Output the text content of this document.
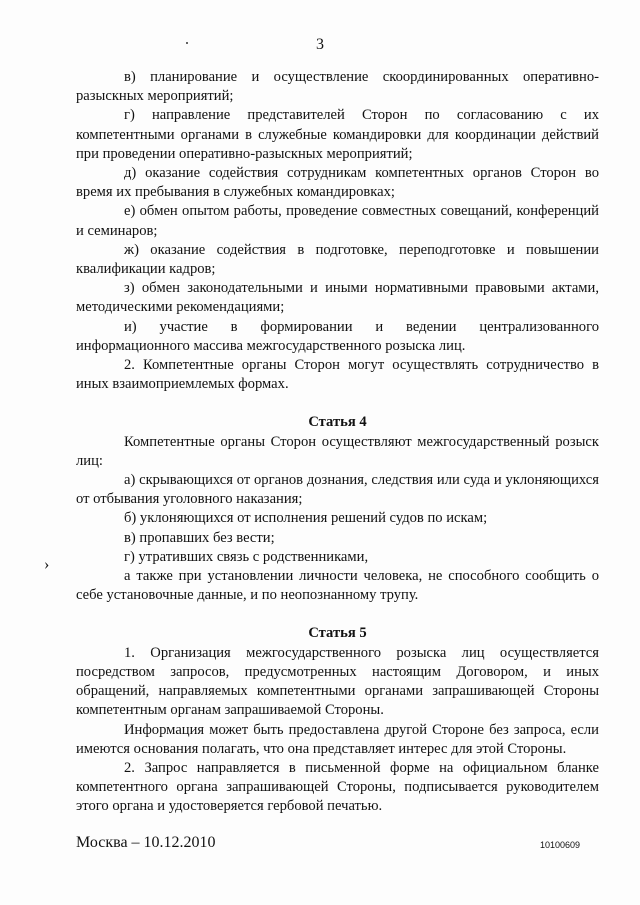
3

в) планирование и осуществление скоординированных оперативно-разыскных мероприятий;

г) направление представителей Сторон по согласованию с их компетентными органами в служебные командировки для координации действий при проведении оперативно-разыскных мероприятий;

д) оказание содействия сотрудникам компетентных органов Сторон во время их пребывания в служебных командировках;

е) обмен опытом работы, проведение совместных совещаний, конференций и семинаров;

ж) оказание содействия в подготовке, переподготовке и повышении квалификации кадров;

з) обмен законодательными и иными нормативными правовыми актами, методическими рекомендациями;

и) участие в формировании и ведении централизованного информационного массива межгосударственного розыска лиц.

2. Компетентные органы Сторон могут осуществлять сотрудничество в иных взаимоприемлемых формах.

Статья 4

Компетентные органы Сторон осуществляют межгосударственный розыск лиц:

а) скрывающихся от органов дознания, следствия или суда и уклоняющихся от отбывания уголовного наказания;

б) уклоняющихся от исполнения решений судов по искам;

в) пропавших без вести;

г) утративших связь с родственниками,

а также при установлении личности человека, не способного сообщить о себе установочные данные, и по неопознанному трупу.

Статья 5

1. Организация межгосударственного розыска лиц осуществляется посредством запросов, предусмотренных настоящим Договором, и иных обращений, направляемых компетентными органами запрашивающей Стороны компетентным органам запрашиваемой Стороны.

Информация может быть предоставлена другой Стороне без запроса, если имеются основания полагать, что она представляет интерес для этой Стороны.

2. Запрос направляется в письменной форме на официальном бланке компетентного органа запрашивающей Стороны, подписывается руководителем этого органа и удостоверяется гербовой печатью.

›
Москва – 10.12.2010	10100609
